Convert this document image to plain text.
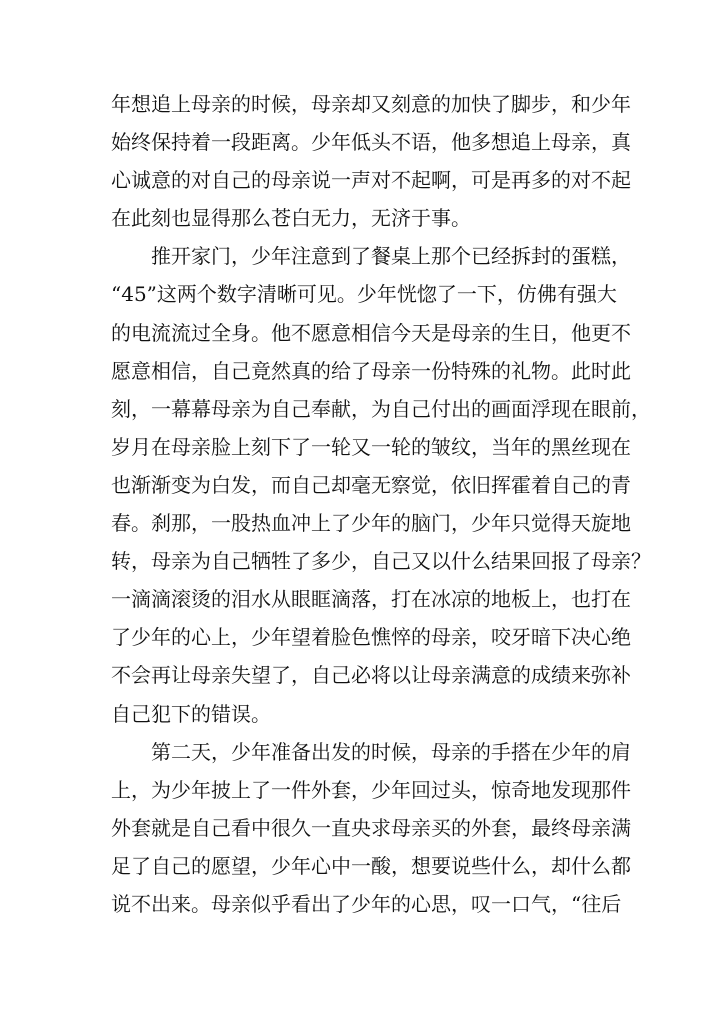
年想追上母亲的时候，母亲却又刻意的加快了脚步，和少年
始终保持着一段距离。少年低头不语，他多想追上母亲，真
心诚意的对自己的母亲说一声对不起啊，可是再多的对不起
在此刻也显得那么苍白无力，无济于事。
推开家门，少年注意到了餐桌上那个已经拆封的蛋糕，
“45”这两个数字清晰可见。少年恍惚了一下，仿佛有强大
的电流流过全身。他不愿意相信今天是母亲的生日，他更不
愿意相信，自己竟然真的给了母亲一份特殊的礼物。此时此
刻，一幕幕母亲为自己奉献，为自己付出的画面浮现在眼前，
岁月在母亲脸上刻下了一轮又一轮的皱纹，当年的黑丝现在
也渐渐变为白发，而自己却毫无察觉，依旧挥霍着自己的青
春。刹那，一股热血冲上了少年的脑门，少年只觉得天旋地
转，母亲为自己牺牲了多少，自己又以什么结果回报了母亲？
一滴滴滚烫的泪水从眼眶滴落，打在冰凉的地板上，也打在
了少年的心上，少年望着脸色憔悴的母亲，咬牙暗下决心绝
不会再让母亲失望了，自己必将以让母亲满意的成绩来弥补
自己犯下的错误。
第二天，少年准备出发的时候，母亲的手搭在少年的肩
上，为少年披上了一件外套，少年回过头，惊奇地发现那件
外套就是自己看中很久一直央求母亲买的外套，最终母亲满
足了自己的愿望，少年心中一酸，想要说些什么，却什么都
说不出来。母亲似乎看出了少年的心思，叹一口气，“往后
